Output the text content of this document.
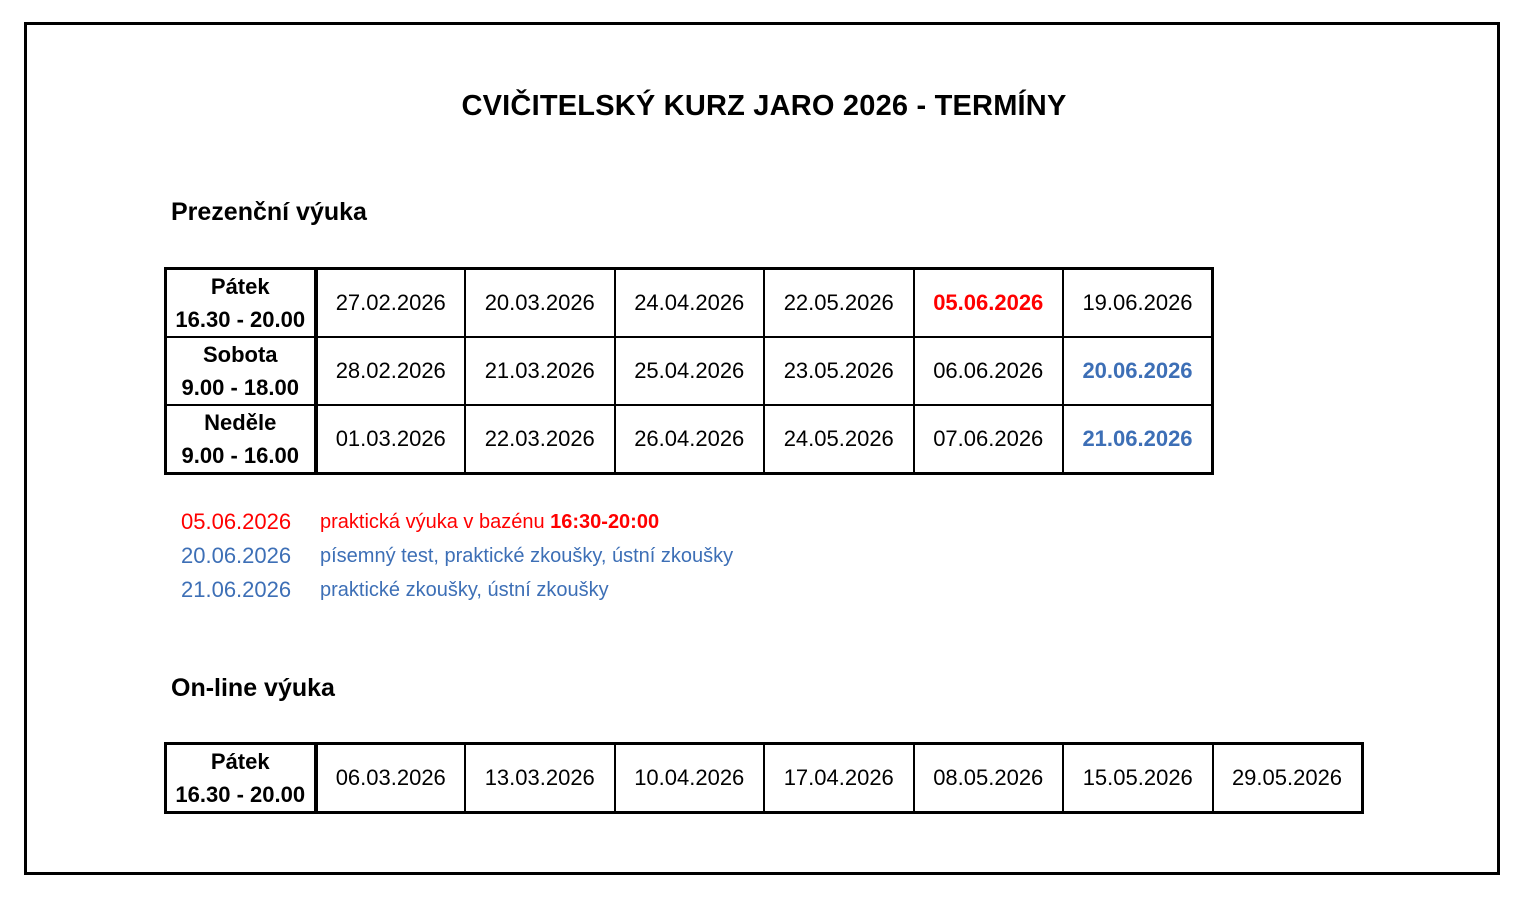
CVIČITELSKÝ KURZ JARO 2026 - TERMÍNY
Prezenční výuka
Pátek
16.30 - 20.00	27.02.2026	20.03.2026	24.04.2026	22.05.2026	05.06.2026	19.06.2026
Sobota
9.00 - 18.00	28.02.2026	21.03.2026	25.04.2026	23.05.2026	06.06.2026	20.06.2026
Neděle
9.00 - 16.00	01.03.2026	22.03.2026	26.04.2026	24.05.2026	07.06.2026	21.06.2026
05.06.2026	praktická výuka v bazénu 16:30-20:00
20.06.2026	písemný test, praktické zkoušky, ústní zkoušky
21.06.2026	praktické zkoušky, ústní zkoušky
On-line výuka
Pátek
16.30 - 20.00	06.03.2026	13.03.2026	10.04.2026	17.04.2026	08.05.2026	15.05.2026	29.05.2026
